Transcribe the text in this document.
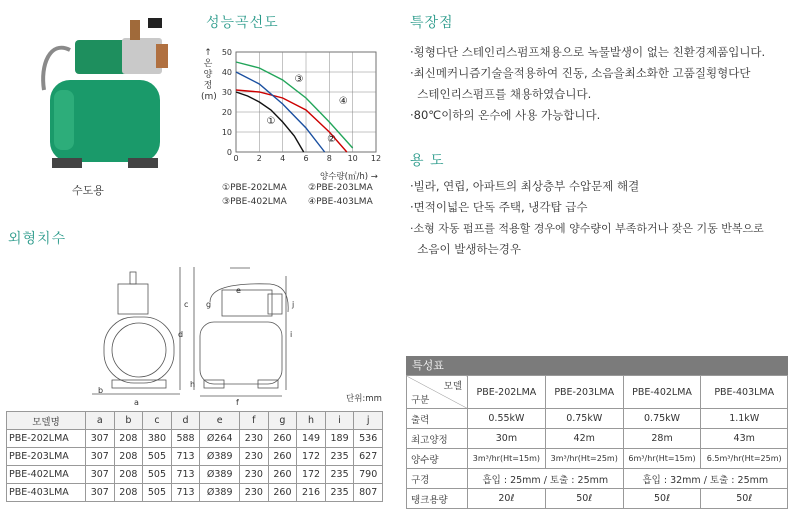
수도용
성능곡선도
↑
온
양
정
(m)
0 2 4 6 8 10 12
0
10
20
30
40
50
①
②
③
④
양수량(㎥/h) →
①PBE-202LMA	②PBE-203LMA
③PBE-402LMA	④PBE-403LMA
특장점
·횡형다단 스테인리스펌프채용으로 녹물발생이 없는 친환경제품입니다.
·최신메커니즘기술을적용하여 진동, 소음을최소화한 고품질횡형다단
스테인리스펌프를 채용하였습니다.
·80℃이하의 온수에 사용 가능합니다.
용 도
·빌라, 연립, 아파트의 최상층부 수압문제 해결
·면적이넓은 단독 주택, 냉각탑 급수
·소형 자동 펌프를 적용할 경우에 양수량이 부족하거나 잦은 기동 반복으로
소음이 발생하는경우
외형치수
단위:mm
a
b
c
d
e
f
g
h
i
j
모델명	a	b	c	d	e	f	g	h	i	j
PBE-202LMA	307	208	380	588	Ø264	230	260	149	189	536
PBE-203LMA	307	208	505	713	Ø389	230	260	172	235	627
PBE-402LMA	307	208	505	713	Ø389	230	260	172	235	790
PBE-403LMA	307	208	505	713	Ø389	230	260	216	235	807
특성표
모델
구분	PBE-202LMA	PBE-203LMA	PBE-402LMA	PBE-403LMA
출력	0.55kW	0.75kW	0.75kW	1.1kW
최고양정	30m	42m	28m	43m
양수량	3m³/hr(Ht=15m)	3m³/hr(Ht=25m)	6m³/hr(Ht=15m)	6.5m³/hr(Ht=25m)
구경	흡입 : 25mm / 토출 : 25mm		흡입 : 32mm / 토출 : 25mm	
탱크용량	20ℓ	50ℓ	50ℓ	50ℓ
